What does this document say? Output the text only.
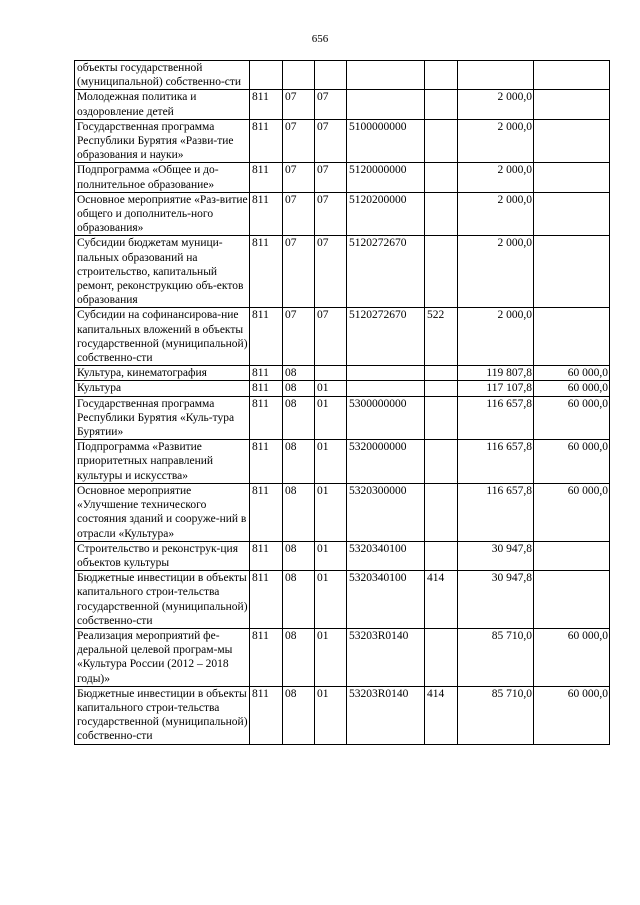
656
объекты государственной (муниципальной) собственно-сти							
Молодежная политика и оздоровление детей	811	07	07			2 000,0	
Государственная программа Республики Бурятия «Разви-тие образования и науки»	811	07	07	5100000000		2 000,0	
Подпрограмма «Общее и до-полнительное образование»	811	07	07	5120000000		2 000,0	
Основное мероприятие «Раз-витие общего и дополнитель-ного образования»	811	07	07	5120200000		2 000,0	
Субсидии бюджетам муници-пальных образований на строительство, капитальный ремонт, реконструкцию объ-ектов образования	811	07	07	5120272670		2 000,0	
Субсидии на софинансирова-ние капитальных вложений в объекты государственной (муниципальной) собственно-сти	811	07	07	5120272670	522	2 000,0	
Культура, кинематография	811	08				119 807,8	60 000,0
Культура	811	08	01			117 107,8	60 000,0
Государственная программа Республики Бурятия «Куль-тура Бурятии»	811	08	01	5300000000		116 657,8	60 000,0
Подпрограмма «Развитие приоритетных направлений культуры и искусства»	811	08	01	5320000000		116 657,8	60 000,0
Основное мероприятие «Улучшение технического состояния зданий и сооруже-ний в отрасли «Культура»	811	08	01	5320300000		116 657,8	60 000,0
Строительство и реконструк-ция объектов культуры	811	08	01	5320340100		30 947,8	
Бюджетные инвестиции в объекты капитального строи-тельства государственной (муниципальной) собственно-сти	811	08	01	5320340100	414	30 947,8	
Реализация мероприятий фе-деральной целевой програм-мы «Культура России (2012 – 2018 годы)»	811	08	01	53203R0140		85 710,0	60 000,0
Бюджетные инвестиции в объекты капитального строи-тельства государственной (муниципальной) собственно-сти	811	08	01	53203R0140	414	85 710,0	60 000,0
